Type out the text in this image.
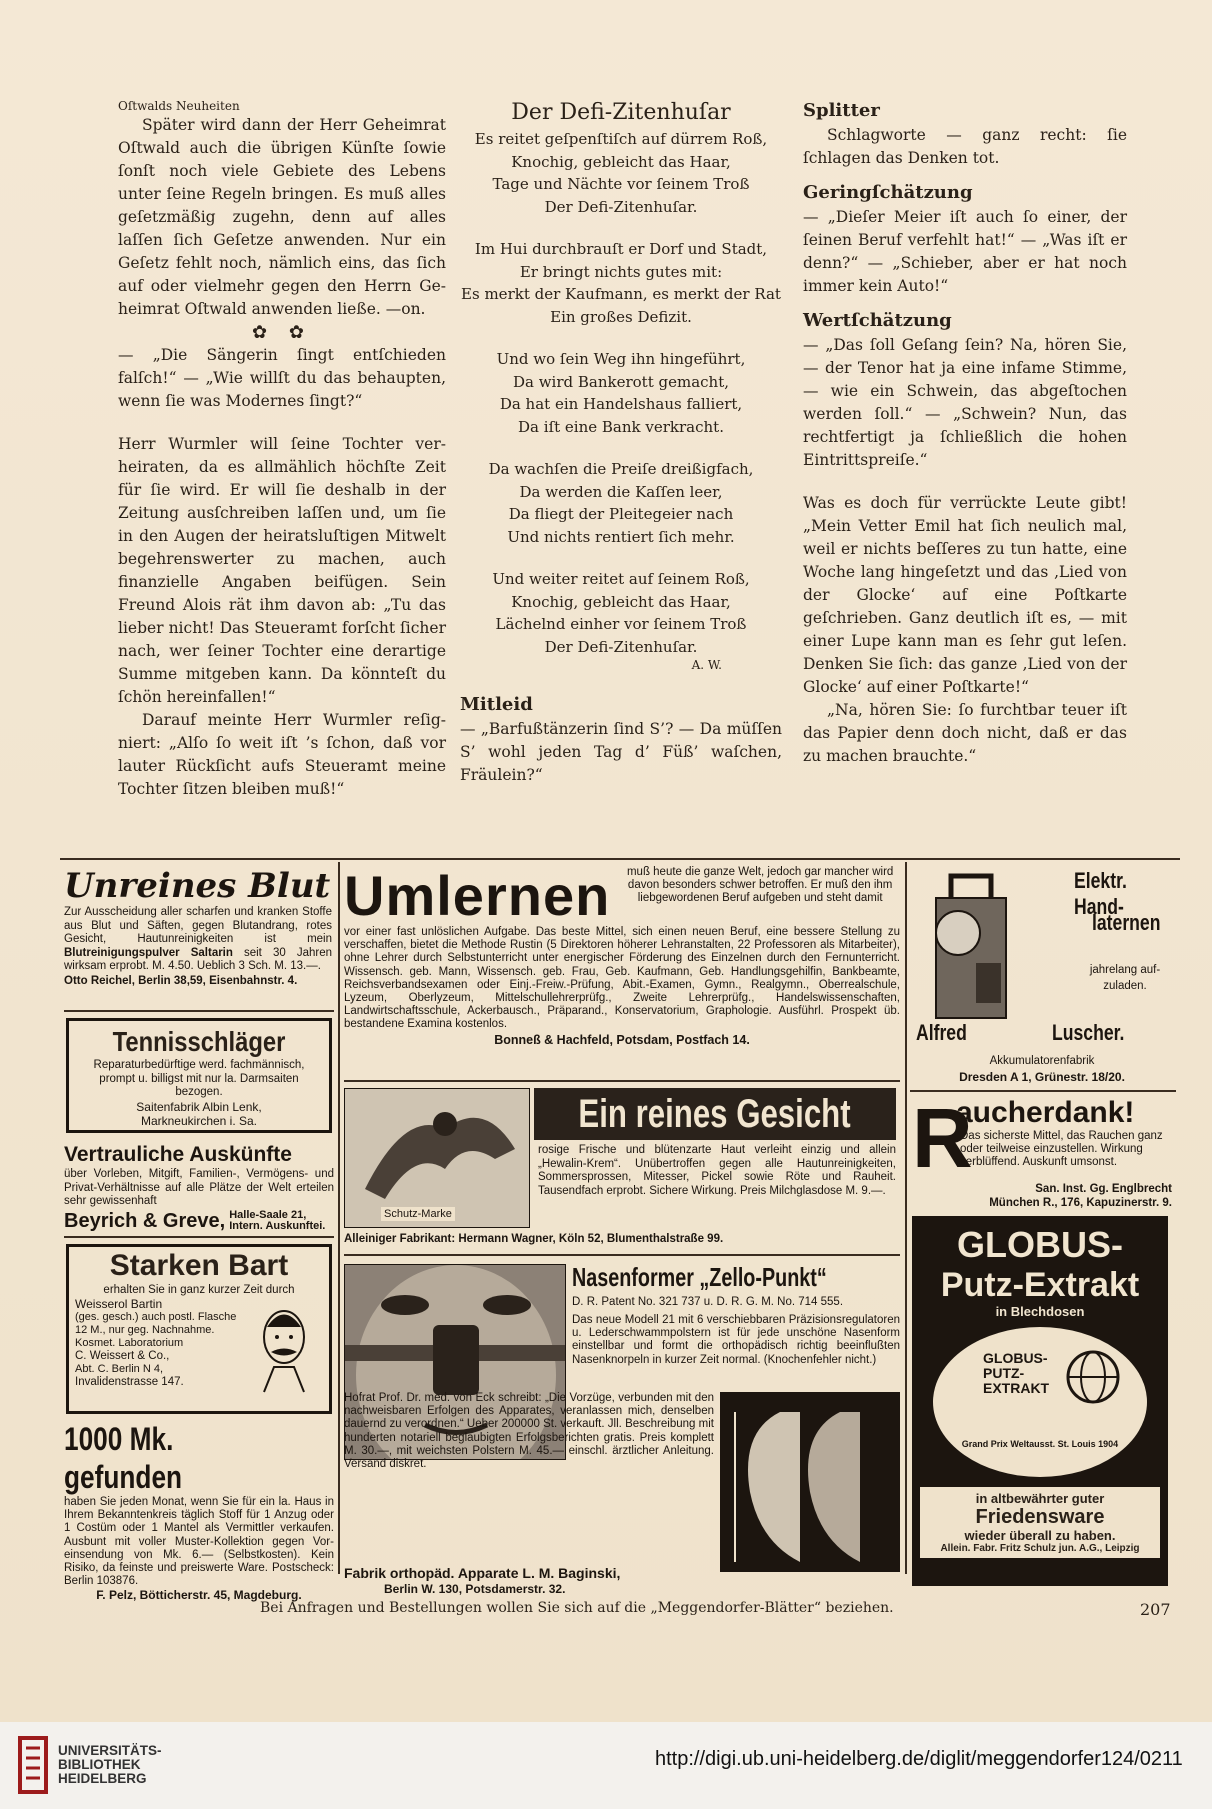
Oſtwalds Neuheiten

Später wird dann der Herr Geheimrat Oſtwald auch die übrigen Künſte ſowie ſonſt noch viele Gebiete des Lebens unter ſeine Regeln bringen. Es muß alles geſetzmäßig zugehn, denn auf alles laſſen ſich Geſetze anwenden. Nur ein Geſetz fehlt noch, nämlich eins, das ſich auf oder vielmehr gegen den Herrn Geheimrat Oſtwald anwenden ließe. —on.

✿ ✿

— „Die Sängerin ſingt entſchieden falſch!“ — „Wie willſt du das behaupten, wenn ſie was Modernes ſingt?“

Herr Wurmler will ſeine Tochter verheiraten, da es allmählich höchſte Zeit für ſie wird. Er will ſie deshalb in der Zeitung ausſchreiben laſſen und, um ſie in den Augen der heiratsluſtigen Mitwelt begehrenswerter zu machen, auch finanzielle Angaben beifügen. Sein Freund Alois rät ihm davon ab: „Tu das lieber nicht! Das Steueramt forſcht ſicher nach, wer ſeiner Tochter eine derartige Summe mitgeben kann. Da könnteſt du ſchön hereinfallen!“

Darauf meinte Herr Wurmler reſigniert: „Alſo ſo weit iſt ’s ſchon, daß vor lauter Rückſicht aufs Steueramt meine Tochter ſitzen bleiben muß!“

Der Defi-Zitenhuſar

Es reitet geſpenſtiſch auf dürrem Roß,
Knochig, gebleicht das Haar,
Tage und Nächte vor ſeinem Troß
Der Defi-Zitenhuſar.
Im Hui durchbrauſt er Dorf und Stadt,
Er bringt nichts gutes mit:
Es merkt der Kaufmann, es merkt der Rat
Ein großes Defizit.
Und wo ſein Weg ihn hingeführt,
Da wird Bankerott gemacht,
Da hat ein Handelshaus falliert,
Da iſt eine Bank verkracht.
Da wachſen die Preiſe dreißigfach,
Da werden die Kaſſen leer,
Da fliegt der Pleitegeier nach
Und nichts rentiert ſich mehr.
Und weiter reitet auf ſeinem Roß,
Knochig, gebleicht das Haar,
Lächelnd einher vor ſeinem Troß
Der Defi-Zitenhuſar.

A. W.

Mitleid

— „Barfußtänzerin ſind S’? — Da müſſen S’ wohl jeden Tag d’ Füß’ waſchen, Fräulein?“

Splitter

Schlagworte — ganz recht: ſie ſchlagen das Denken tot.

Geringſchätzung

— „Dieſer Meier iſt auch ſo einer, der ſeinen Beruf verfehlt hat!“ — „Was iſt er denn?“ — „Schieber, aber er hat noch immer kein Auto!“

Wertſchätzung

— „Das ſoll Geſang ſein? Na, hören Sie, — der Tenor hat ja eine infame Stimme, — wie ein Schwein, das abgeſtochen werden ſoll.“ — „Schwein? Nun, das rechtfertigt ja ſchließlich die hohen Eintrittspreiſe.“

Was es doch für verrückte Leute gibt! „Mein Vetter Emil hat ſich neulich mal, weil er nichts beſſeres zu tun hatte, eine Woche lang hingeſetzt und das ‚Lied von der Glocke‘ auf eine Poſtkarte geſchrieben. Ganz deutlich iſt es, — mit einer Lupe kann man es ſehr gut leſen. Denken Sie ſich: das ganze ‚Lied von der Glocke‘ auf einer Poſtkarte!“

„Na, hören Sie: ſo furchtbar teuer iſt das Papier denn doch nicht, daß er das zu machen brauchte.“

Unreines Blut
Zur Ausscheidung aller scharfen und kranken Stoffe aus Blut und Säften, gegen Blutandrang, rotes Gesicht, Hautunreinigkeiten ist mein Blutreinigungspulver Saltarin seit 30 Jahren wirksam erprobt. M. 4.50. Ueblich 3 Sch. M. 13.—.
Otto Reichel, Berlin 38,59, Eisenbahnstr. 4.
Tennisschläger
Reparaturbedürftige werd. fachmännisch, prompt u. billigst mit nur la. Darmsaiten bezogen.
Saitenfabrik Albin Lenk,
Markneukirchen i. Sa.
Vertrauliche Auskünfte
über Vorleben, Mitgift, Familien-, Vermögens- und Privat-Verhältnisse auf alle Plätze der Welt erteilen sehr gewissenhaft
Beyrich & Greve, Halle-Saale 21,
Intern. Auskunftei.
Starken Bart
erhalten Sie in ganz kurzer Zeit durch
Weisserol Bartin
(ges. gesch.) auch postl. Flasche 12 M., nur geg. Nachnahme.
Kosmet. Laboratorium
C. Weissert & Co.,
Abt. C. Berlin N 4,
Invalidenstrasse 147.
1000 Mk. gefunden
haben Sie jeden Monat, wenn Sie für ein la. Haus in Ihrem Bekanntenkreis täglich Stoff für 1 Anzug oder 1 Costüm oder 1 Mantel als Vermittler verkaufen. Ausbunt mit voller Muster-Kollektion gegen Voreinsendung von Mk. 6.— (Selbstkosten). Kein Risiko, da feinste und preiswerte Ware. Postscheck: Berlin 103876.
F. Pelz, Bötticherstr. 45, Magdeburg.
Umlernen	muß heute die ganze Welt, jedoch gar mancher wird davon besonders schwer betroffen. Er muß den ihm liebgewordenen Beruf aufgeben und steht damit
vor einer fast unlöslichen Aufgabe. Das beste Mittel, sich einen neuen Beruf, eine bessere Stellung zu verschaffen, bietet die Methode Rustin (5 Direktoren höherer Lehranstalten, 22 Professoren als Mitarbeiter), ohne Lehrer durch Selbstunterricht unter energischer Förderung des Einzelnen durch den Fernunterricht. Wissensch. geb. Mann, Wissensch. geb. Frau, Geb. Kaufmann, Geb. Handlungsgehilfin, Bankbeamte, Reichsverbandsexamen oder Einj.-Freiw.-Prüfung, Abit.-Examen, Gymn., Realgymn., Oberrealschule, Lyzeum, Oberlyzeum, Mittelschullehrerprüfg., Zweite Lehrerprüfg., Handelswissenschaften, Landwirtschaftsschule, Ackerbausch., Präparand., Konservatorium, Graphologie. Ausführl. Prospekt üb. bestandene Examina kostenlos.
Bonneß & Hachfeld, Potsdam, Postfach 14.
Elektr. Hand-
laternen
jahrelang aufzuladen.
Alfred	Luscher.
Akkumulatorenfabrik
Dresden A 1, Grünestr. 18/20.
Schutz-Marke
Ein reines Gesicht
rosige Frische und blütenzarte Haut verleiht einzig und allein „Hewalin-Krem“. Unübertroffen gegen alle Hautunreinigkeiten, Sommersprossen, Mitesser, Pickel sowie Röte und Rauheit. Tausendfach erprobt. Sichere Wirkung. Preis Milchglasdose M. 9.—.
Alleiniger Fabrikant: Hermann Wagner, Köln 52, Blumenthalstraße 99.
R
aucherdank!
Das sicherste Mittel, das Rauchen ganz oder teilweise einzustellen. Wirkung verblüffend. Auskunft umsonst.
San. Inst. Gg. Englbrecht
München R., 176, Kapuzinerstr. 9.
GLOBUS-
Putz-Extrakt
in Blechdosen
GLOBUS-
PUTZ-
EXTRAKT
Grand Prix Weltausst. St. Louis 1904
in altbewährter guter
Friedensware
wieder überall zu haben.
Allein. Fabr. Fritz Schulz jun. A.G., Leipzig
Nasenformer „Zello-Punkt“
D. R. Patent No. 321 737 u. D. R. G. M. No. 714 555.
Das neue Modell 21 mit 6 verschiebbaren Präzisionsregulatoren u. Lederschwammpolstern ist für jede unschöne Nasenform einstellbar und formt die orthopädisch richtig beeinflußten Nasenknorpeln in kurzer Zeit normal. (Knochenfehler nicht.)
Hofrat Prof. Dr. med. von Eck schreibt: „Die Vorzüge, verbunden mit den nachweisbaren Erfolgen des Apparates, veranlassen mich, denselben dauernd zu verordnen.“ Ueber 200000 St. verkauft. Jll. Beschreibung mit hunderten notariell beglaubigten Erfolgsberichten gratis. Preis komplett M. 30.—, mit weichsten Polstern M. 45.— einschl. ärztlicher Anleitung. Versand diskret.
Fabrik orthopäd. Apparate L. M. Baginski,
Berlin W. 130, Potsdamerstr. 32.
Bei Anfragen und Bestellungen wollen Sie sich auf die „Meggendorfer-Blätter“ beziehen.	207
UNIVERSITÄTS-
BIBLIOTHEK
HEIDELBERG
http://digi.ub.uni-heidelberg.de/diglit/meggendorfer124/0211
